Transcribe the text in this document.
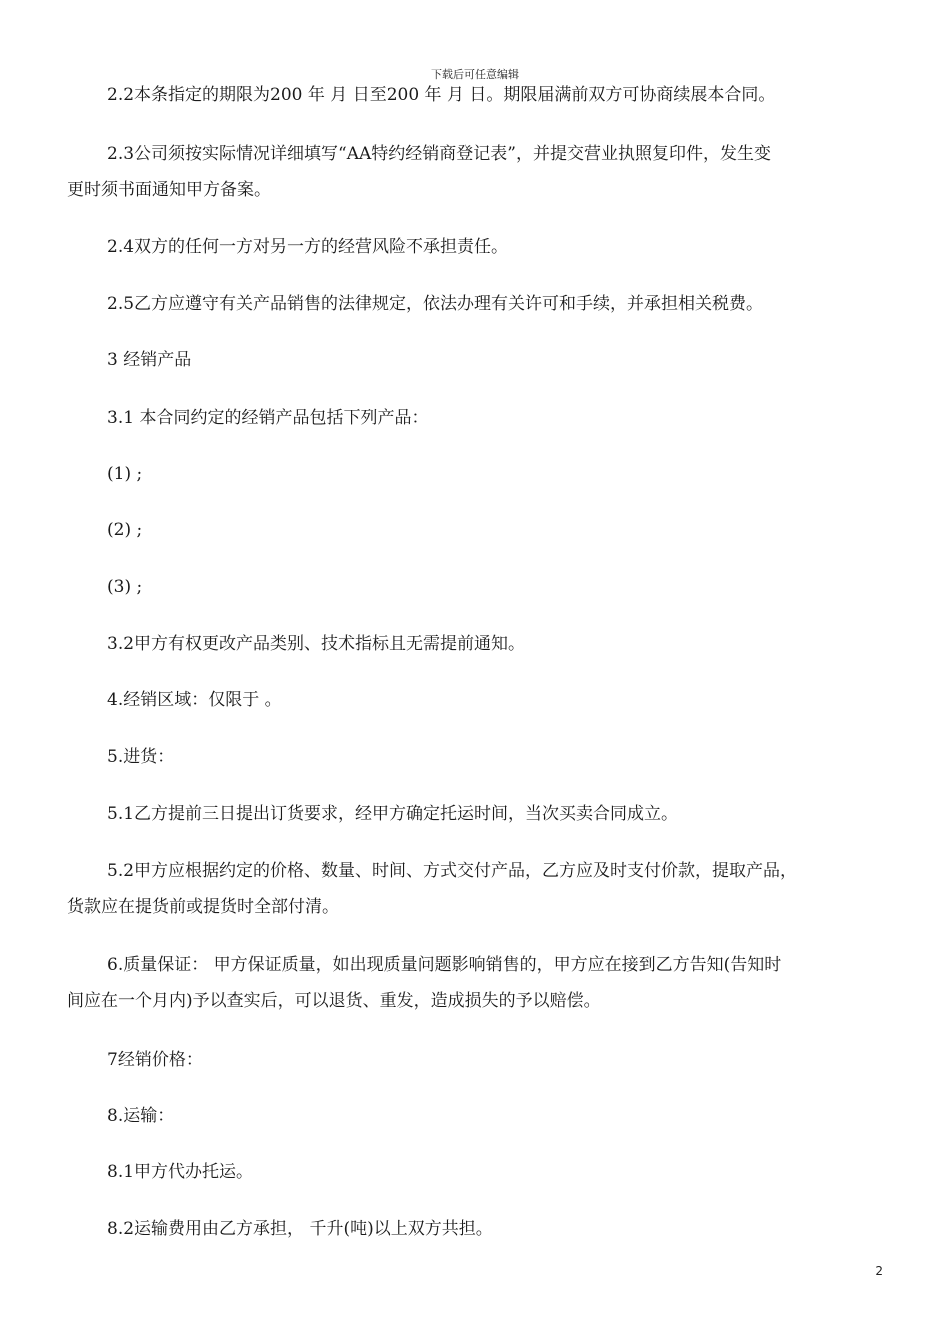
下载后可任意编辑
2.2本条指定的期限为200 年 月 日至200 年 月 日。期限届满前双方可协商续展本合同。
2.3公司须按实际情况详细填写“AA特约经销商登记表”，并提交营业执照复印件，发生变
更时须书面通知甲方备案。
2.4双方的任何一方对另一方的经营风险不承担责任。
2.5乙方应遵守有关产品销售的法律规定，依法办理有关许可和手续，并承担相关税费。
3 经销产品
3.1 本合同约定的经销产品包括下列产品：
(1) ;
(2) ;
(3) ;
3.2甲方有权更改产品类别、技术指标且无需提前通知。
4.经销区域：仅限于 。
5.进货：
5.1乙方提前三日提出订货要求，经甲方确定托运时间，当次买卖合同成立。
5.2甲方应根据约定的价格、数量、时间、方式交付产品，乙方应及时支付价款，提取产品，
货款应在提货前或提货时全部付清。
6.质量保证： 甲方保证质量，如出现质量问题影响销售的，甲方应在接到乙方告知(告知时
间应在一个月内)予以查实后，可以退货、重发，造成损失的予以赔偿。
7经销价格：
8.运输：
8.1甲方代办托运。
8.2运输费用由乙方承担， 千升(吨)以上双方共担。
2
